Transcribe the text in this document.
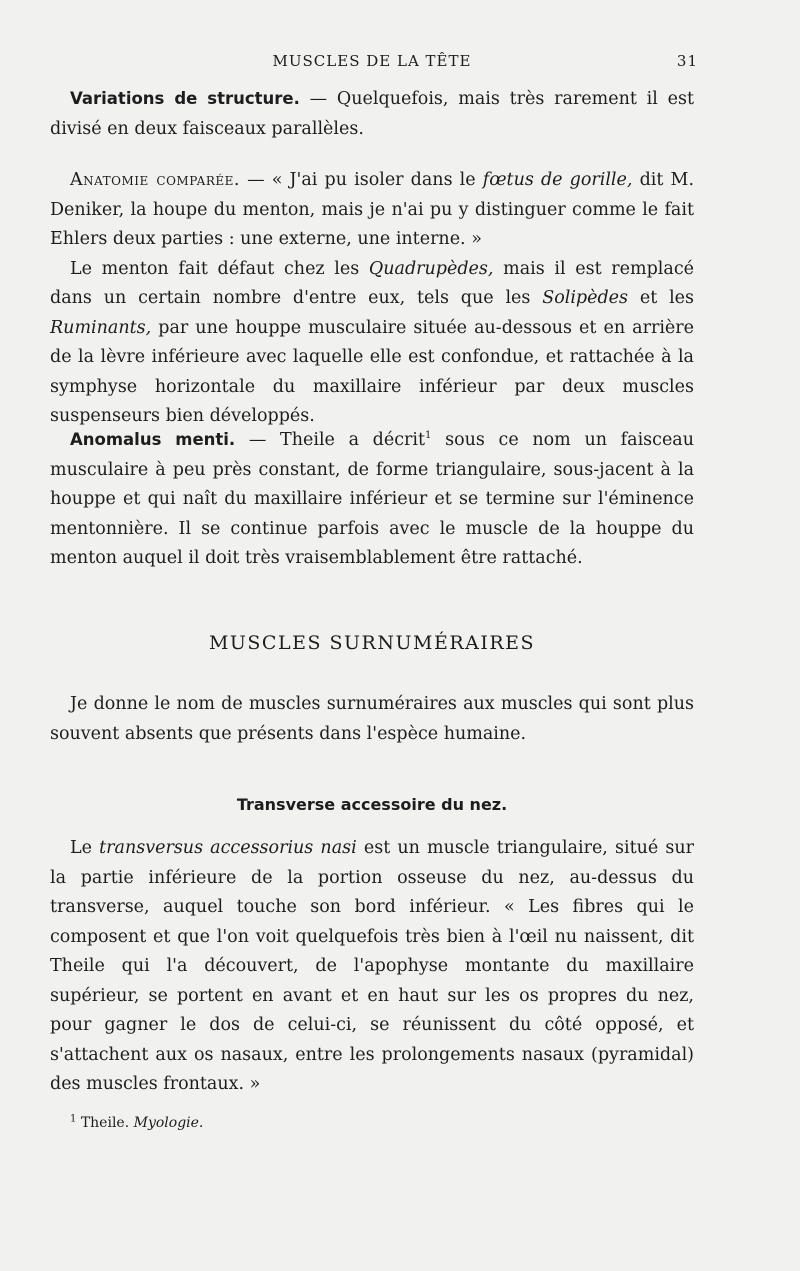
MUSCLES DE LA TÊTE	31

Variations de structure. — Quelquefois, mais très rarement il est divisé en deux faisceaux parallèles.

Anatomie comparée. — « J'ai pu isoler dans le fœtus de gorille, dit M. Deniker, la houpe du menton, mais je n'ai pu y distinguer comme le fait Ehlers deux parties : une externe, une interne. »

Le menton fait défaut chez les Quadrupèdes, mais il est remplacé dans un certain nombre d'entre eux, tels que les Solipèdes et les Ruminants, par une houppe musculaire située au-dessous et en arrière de la lèvre inférieure avec laquelle elle est confondue, et rattachée à la symphyse horizontale du maxillaire inférieur par deux muscles suspenseurs bien développés.

Anomalus menti. — Theile a décrit$^1$ sous ce nom un faisceau musculaire à peu près constant, de forme triangulaire, sous-jacent à la houppe et qui naît du maxillaire inférieur et se termine sur l'éminence mentonnière. Il se continue parfois avec le muscle de la houppe du menton auquel il doit très vraisemblablement être rattaché.

MUSCLES SURNUMÉRAIRES

Je donne le nom de muscles surnuméraires aux muscles qui sont plus souvent absents que présents dans l'espèce humaine.

Transverse accessoire du nez.

Le transversus accessorius nasi est un muscle triangulaire, situé sur la partie inférieure de la portion osseuse du nez, au-dessus du transverse, auquel touche son bord inférieur. « Les fibres qui le composent et que l'on voit quelquefois très bien à l'œil nu naissent, dit Theile qui l'a découvert, de l'apophyse montante du maxillaire supérieur, se portent en avant et en haut sur les os propres du nez, pour gagner le dos de celui-ci, se réunissent du côté opposé, et s'attachent aux os nasaux, entre les prolongements nasaux (pyramidal) des muscles frontaux. »

$^1$ Theile. Myologie.
